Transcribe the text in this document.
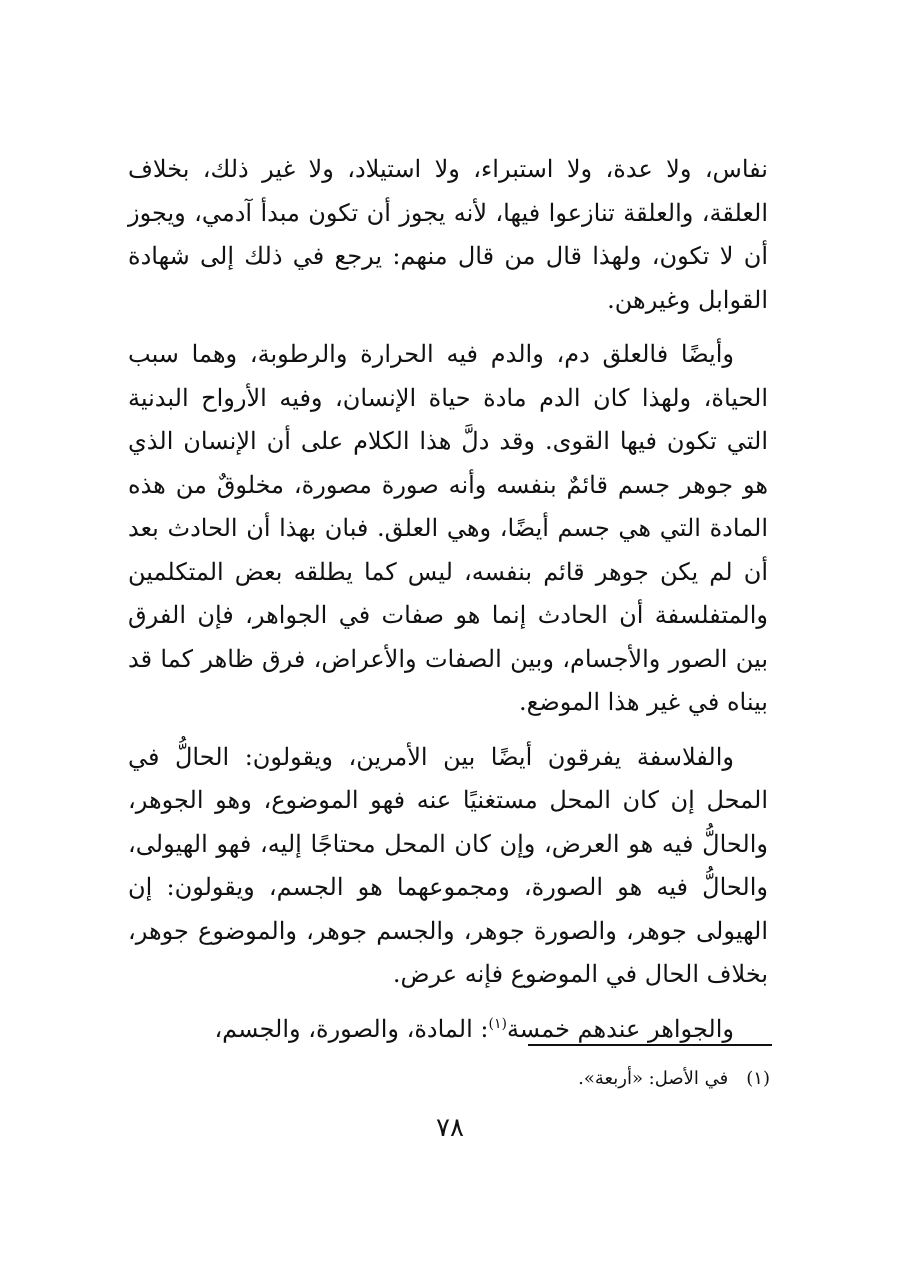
نفاس، ولا عدة، ولا استبراء، ولا استيلاد، ولا غير ذلك، بخلاف العلقة، والعلقة تنازعوا فيها، لأنه يجوز أن تكون مبدأ آدمي، ويجوز أن لا تكون، ولهذا قال من قال منهم: يرجع في ذلك إلى شهادة القوابل وغيرهن.

وأيضًا فالعلق دم، والدم فيه الحرارة والرطوبة، وهما سبب الحياة، ولهذا كان الدم مادة حياة الإنسان، وفيه الأرواح البدنية التي تكون فيها القوى. وقد دلَّ هذا الكلام على أن الإنسان الذي هو جوهر جسم قائمٌ بنفسه وأنه صورة مصورة، مخلوقٌ من هذه المادة التي هي جسم أيضًا، وهي العلق. فبان بهذا أن الحادث بعد أن لم يكن جوهر قائم بنفسه، ليس كما يطلقه بعض المتكلمين والمتفلسفة أن الحادث إنما هو صفات في الجواهر، فإن الفرق بين الصور والأجسام، وبين الصفات والأعراض، فرق ظاهر كما قد بيناه في غير هذا الموضع.

والفلاسفة يفرقون أيضًا بين الأمرين، ويقولون: الحالُّ في المحل إن كان المحل مستغنيًا عنه فهو الموضوع، وهو الجوهر، والحالُّ فيه هو العرض، وإن كان المحل محتاجًا إليه، فهو الهيولى، والحالُّ فيه هو الصورة، ومجموعهما هو الجسم، ويقولون: إن الهيولى جوهر، والصورة جوهر، والجسم جوهر، والموضوع جوهر، بخلاف الحال في الموضوع فإنه عرض.

والجواهر عندهم خمسة$^{(١)}$: المادة، والصورة، والجسم،

(١)في الأصل: «أربعة».
٧٨
